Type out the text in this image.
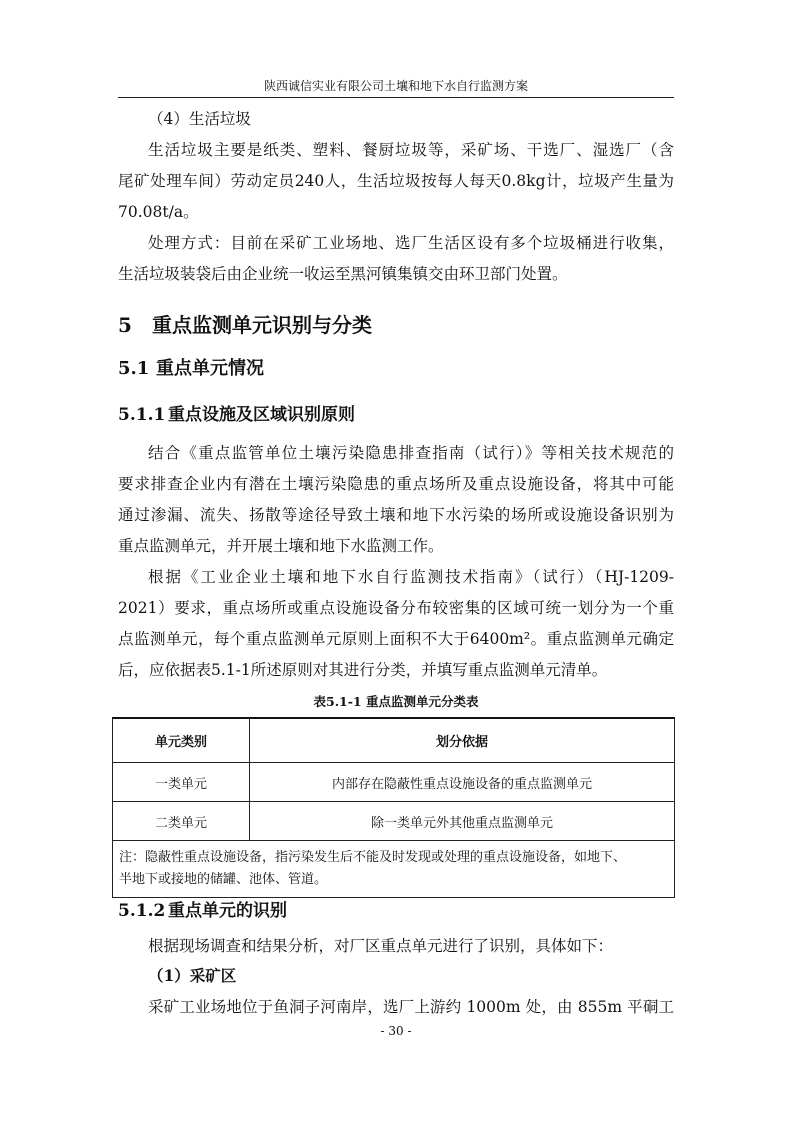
陕西诚信实业有限公司土壤和地下水自行监测方案
（4）生活垃圾
生活垃圾主要是纸类、塑料、餐厨垃圾等，采矿场、干选厂、湿选厂（含
尾矿处理车间）劳动定员240人，生活垃圾按每人每天0.8kg计，垃圾产生量为
70.08t/a。
处理方式：目前在采矿工业场地、选厂生活区设有多个垃圾桶进行收集，
生活垃圾装袋后由企业统一收运至黑河镇集镇交由环卫部门处置。
5 重点监测单元识别与分类
5.1 重点单元情况
5.1.1 重点设施及区域识别原则
结合《重点监管单位土壤污染隐患排查指南（试行）》等相关技术规范的
要求排查企业内有潜在土壤污染隐患的重点场所及重点设施设备，将其中可能
通过渗漏、流失、扬散等途径导致土壤和地下水污染的场所或设施设备识别为
重点监测单元，并开展土壤和地下水监测工作。
根据《工业企业土壤和地下水自行监测技术指南》（试行）（HJ-1209-
2021）要求，重点场所或重点设施设备分布较密集的区域可统一划分为一个重
点监测单元，每个重点监测单元原则上面积不大于6400m²。重点监测单元确定
后，应依据表5.1-1所述原则对其进行分类，并填写重点监测单元清单。
表5.1-1 重点监测单元分类表
单元类别	划分依据
一类单元	内部存在隐蔽性重点设施设备的重点监测单元
二类单元	除一类单元外其他重点监测单元

注：隐蔽性重点设施设备，指污染发生后不能及时发现或处理的重点设施设备，如地下、
半地下或接地的储罐、池体、管道。	
5.1.2 重点单元的识别
根据现场调查和结果分析，对厂区重点单元进行了识别，具体如下：
（1）采矿区
采矿工业场地位于鱼洞子河南岸，选厂上游约 1000m 处，由 855m 平硐工
- 30 -
